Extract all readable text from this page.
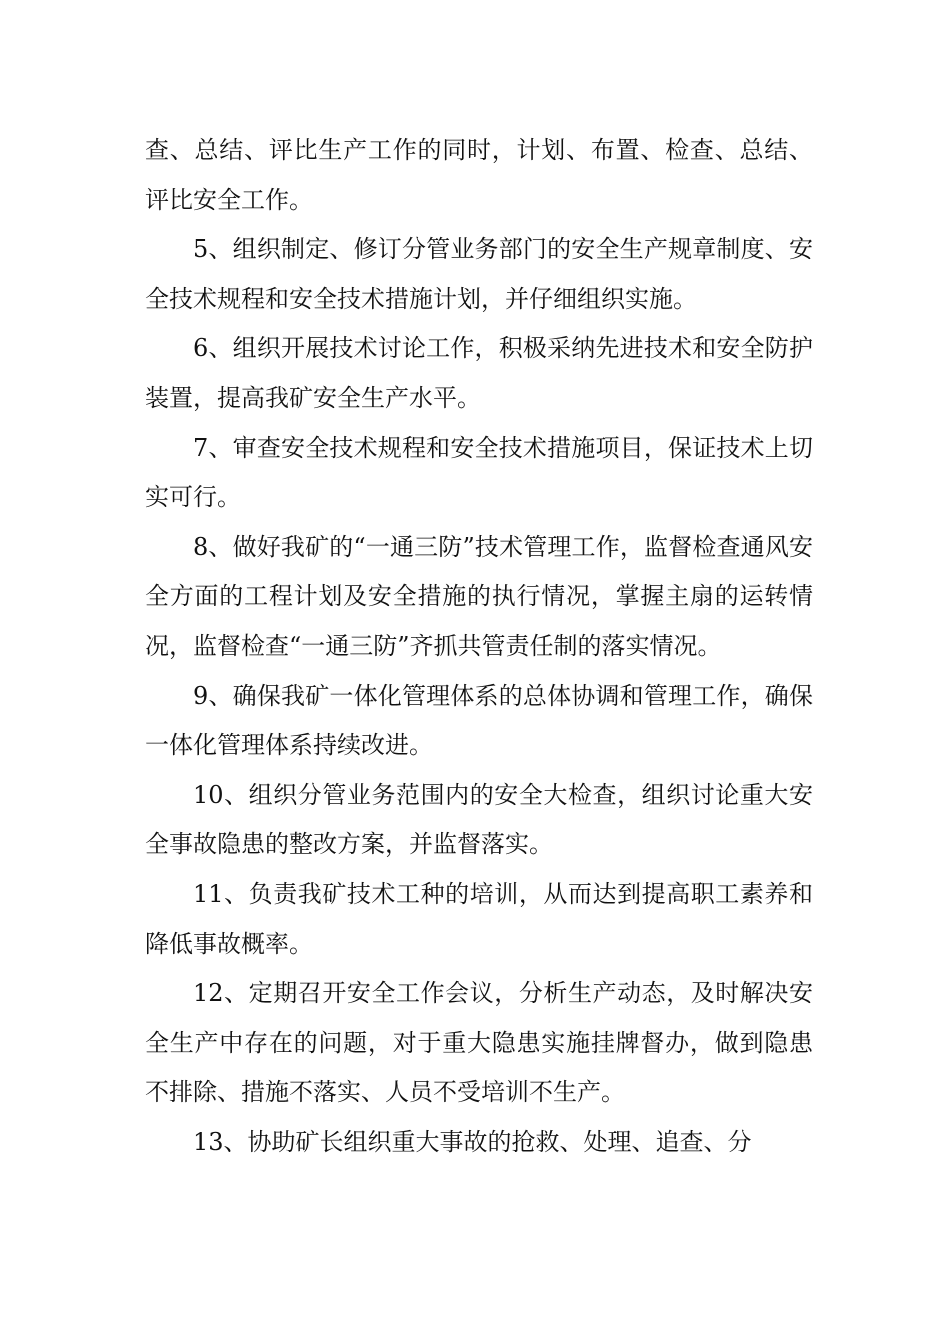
查、总结、评比生产工作的同时，计划、布置、检查、总结、评比安全工作。

5、组织制定、修订分管业务部门的安全生产规章制度、安全技术规程和安全技术措施计划，并仔细组织实施。

6、组织开展技术讨论工作，积极采纳先进技术和安全防护装置，提高我矿安全生产水平。

7、审查安全技术规程和安全技术措施项目，保证技术上切实可行。

8、做好我矿的“一通三防”技术管理工作，监督检查通风安全方面的工程计划及安全措施的执行情况，掌握主扇的运转情况，监督检查“一通三防”齐抓共管责任制的落实情况。

9、确保我矿一体化管理体系的总体协调和管理工作，确保一体化管理体系持续改进。

10、组织分管业务范围内的安全大检查，组织讨论重大安全事故隐患的整改方案，并监督落实。

11、负责我矿技术工种的培训，从而达到提高职工素养和降低事故概率。

12、定期召开安全工作会议，分析生产动态，及时解决安全生产中存在的问题，对于重大隐患实施挂牌督办，做到隐患不排除、措施不落实、人员不受培训不生产。

13、协助矿长组织重大事故的抢救、处理、追查、分
